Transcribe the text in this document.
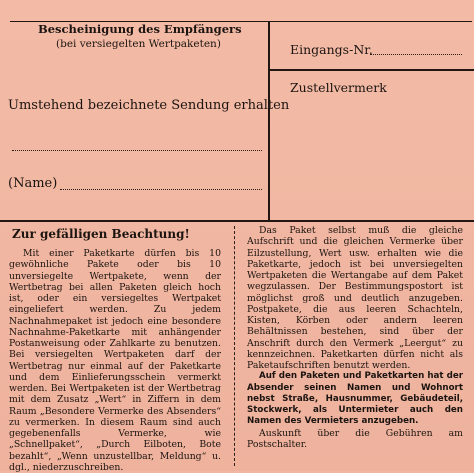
Bescheinigung des Empfängers
(bei versiegelten Wertpaketen)
Umstehend bezeichnete Sendung erhalten
(Name)
Eingangs-Nr.
Zustellvermerk
Zur gefälligen Beachtung!
Mit einer Paketkarte dürfen bis 10 gewöhnliche Pakete oder bis 10 unversiegelte Wertpakete, wenn der Wertbetrag bei allen Paketen gleich hoch ist, oder ein versiegeltes Wertpaket eingeliefert werden. Zu jedem Nachnahmepaket ist jedoch eine besondere Nachnahme-Paketkarte mit anhängender Postanweisung oder Zahlkarte zu benutzen. Bei versiegelten Wertpaketen darf der Wertbetrag nur einmal auf der Paketkarte und dem Einlieferungsschein vermerkt werden. Bei Wertpaketen ist der Wertbetrag mit dem Zusatz „Wert“ in Ziffern in dem Raum „Besondere Vermerke des Absenders“ zu vermerken. In diesem Raum sind auch gegebenenfalls Vermerke, wie „Schnellpaket“, „Durch Eilboten, Bote bezahlt“, „Wenn unzustellbar, Meldung“ u. dgl., niederzuschreiben.
Das Paket selbst muß die gleiche Aufschrift und die gleichen Vermerke über Eilzustellung, Wert usw. erhalten wie die Paketkarte, jedoch ist bei unversiegelten Wertpaketen die Wertangabe auf dem Paket wegzulassen. Der Bestimmungspostort ist möglichst groß und deutlich anzugeben. Postpakete, die aus leeren Schachteln, Kisten, Körben oder andern leeren Behältnissen bestehen, sind über der Anschrift durch den Vermerk „Leergut“ zu kennzeichnen. Paketkarten dürfen nicht als Paketaufschriften benutzt werden.
Auf den Paketen und Paketkarten hat der Absender seinen Namen und Wohnort nebst Straße, Hausnummer, Gebäudeteil, Stockwerk, als Untermieter auch den Namen des Vermieters anzugeben.
Auskunft über die Gebühren am Postschalter.
